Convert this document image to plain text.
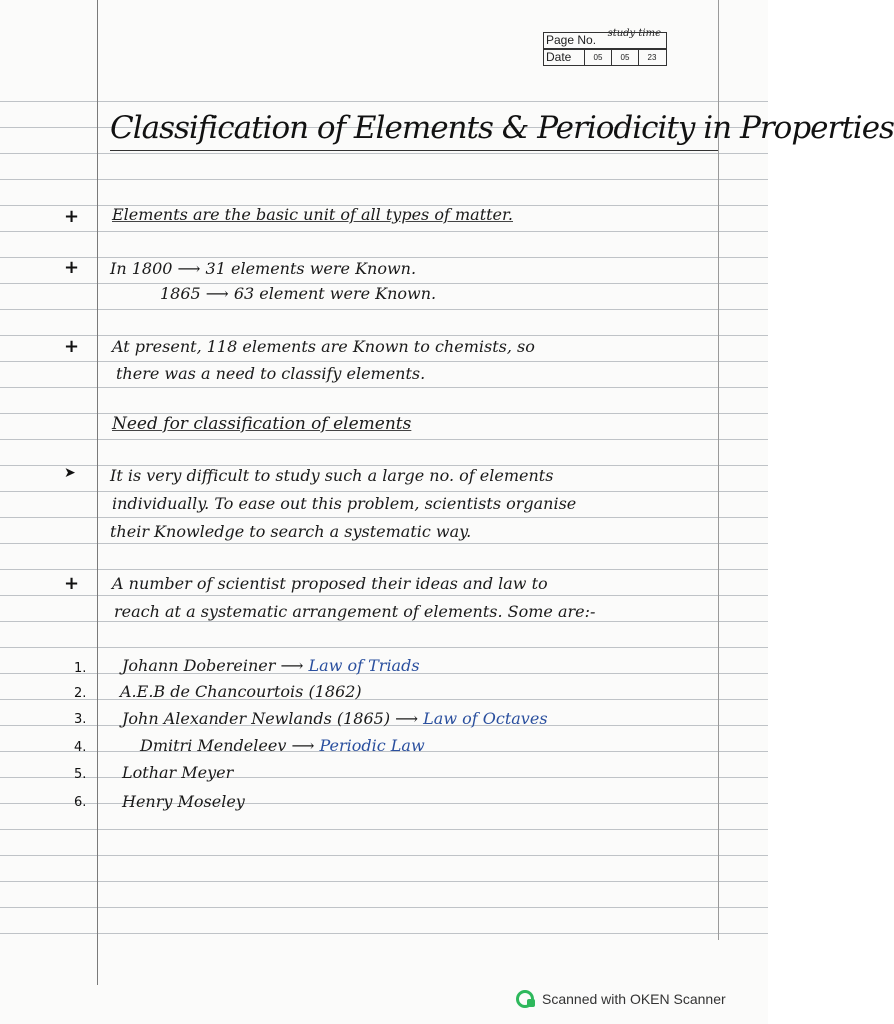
study time
Page No.
Date	05	05	23
Classification of Elements & Periodicity in Properties
+ Elements are the basic unit of all types of matter.
+ In 1800 ⟶ 31 elements were Known.
1865 ⟶ 63 element were Known.
+ At present, 118 elements are Known to chemists, so
there was a need to classify elements.
Need for classification of elements
➤ It is very difficult to study such a large no. of elements
individually. To ease out this problem, scientists organise
their Knowledge to search a systematic way.
+ A number of scientist proposed their ideas and law to
reach at a systematic arrangement of elements. Some are:-
1. Johann Dobereiner ⟶ Law of Triads
2. A.E.B de Chancourtois (1862)
3. John Alexander Newlands (1865) ⟶ Law of Octaves
4.	Dmitri Mendeleev ⟶ Periodic Law
5. Lothar Meyer
6. Henry Moseley
Scanned with OKEN Scanner
